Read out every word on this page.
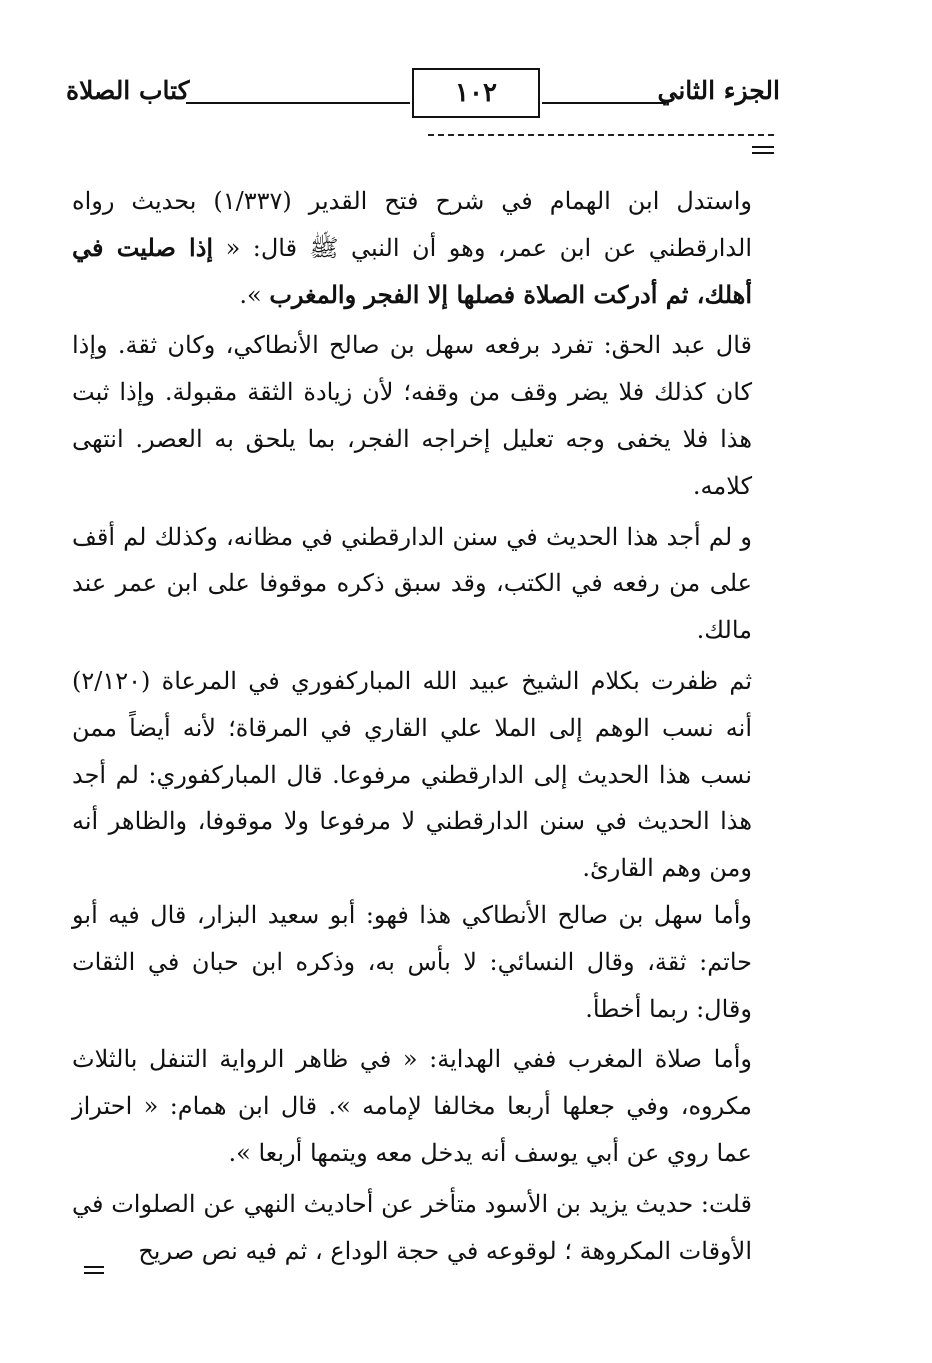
كتاب الصلاة	١٠٢	الجزء الثاني

واستدل ابن الهمام في شرح فتح القدير (١/٣٣٧) بحديث رواه الدارقطني عن ابن عمر، وهو أن النبي ﷺ قال: « إذا صليت في أهلك، ثم أدركت الصلاة فصلها إلا الفجر والمغرب ».

قال عبد الحق: تفرد برفعه سهل بن صالح الأنطاكي، وكان ثقة. وإذا كان كذلك فلا يضر وقف من وقفه؛ لأن زيادة الثقة مقبولة. وإذا ثبت هذا فلا يخفى وجه تعليل إخراجه الفجر، بما يلحق به العصر. انتهى كلامه.

و لم أجد هذا الحديث في سنن الدارقطني في مظانه، وكذلك لم أقف على من رفعه في الكتب، وقد سبق ذكره موقوفا على ابن عمر عند مالك.

ثم ظفرت بكلام الشيخ عبيد الله المباركفوري في المرعاة (٢/١٢٠) أنه نسب الوهم إلى الملا علي القاري في المرقاة؛ لأنه أيضاً ممن نسب هذا الحديث إلى الدارقطني مرفوعا. قال المباركفوري: لم أجد هذا الحديث في سنن الدارقطني لا مرفوعا ولا موقوفا، والظاهر أنه ومن وهم القارئ.

وأما سهل بن صالح الأنطاكي هذا فهو: أبو سعيد البزار، قال فيه أبو حاتم: ثقة، وقال النسائي: لا بأس به، وذكره ابن حبان في الثقات وقال: ربما أخطأ.

وأما صلاة المغرب ففي الهداية: « في ظاهر الرواية التنفل بالثلاث مكروه، وفي جعلها أربعا مخالفا لإمامه ». قال ابن همام: « احتراز عما روي عن أبي يوسف أنه يدخل معه ويتمها أربعا ».

قلت: حديث يزيد بن الأسود متأخر عن أحاديث النهي عن الصلوات في الأوقات المكروهة ؛ لوقوعه في حجة الوداع ، ثم فيه نص صريح
